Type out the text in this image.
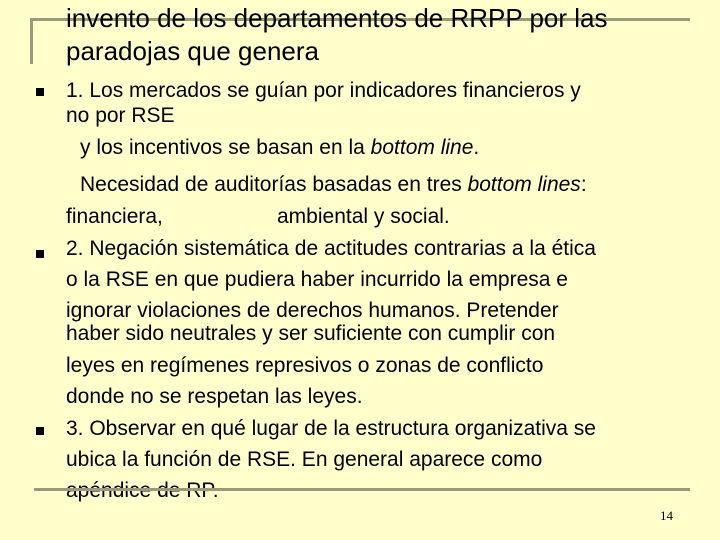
invento de los departamentos de RRPP por las
paradojas que genera
1. Los mercados se guían por indicadores financieros y
no por RSE
y los incentivos se basan en la bottom line.
Necesidad de auditorías basadas en tres bottom lines:
financiera,	ambiental y social.
2. Negación sistemática de actitudes contrarias a la ética
o la RSE en que pudiera haber incurrido la empresa e
ignorar violaciones de derechos humanos. Pretender
haber sido neutrales y ser suficiente con cumplir con
leyes en regímenes represivos o zonas de conflicto
donde no se respetan las leyes.
3. Observar en qué lugar de la estructura organizativa se
ubica la función de RSE. En general aparece como
14
